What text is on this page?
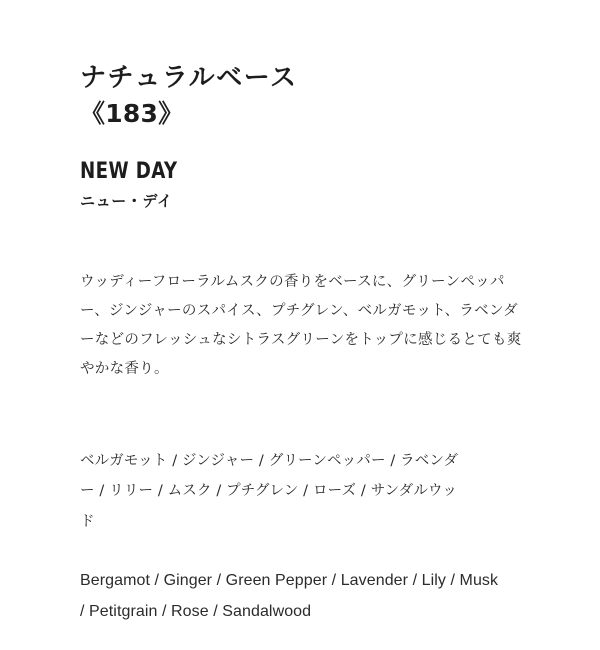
ナチュラルベース
《183》
NEW DAY
ニュー・デイ

ウッディーフローラルムスクの香りをベースに、グリーンペッパー、ジンジャーのスパイス、プチグレン、ベルガモット、ラベンダーなどのフレッシュなシトラスグリーンをトップに感じるとても爽やかな香り。

ベルガモット / ジンジャー / グリーンペッパー / ラベンダー / リリー / ムスク / プチグレン / ローズ / サンダルウッド

Bergamot / Ginger / Green Pepper / Lavender / Lily / Musk / Petitgrain / Rose / Sandalwood
